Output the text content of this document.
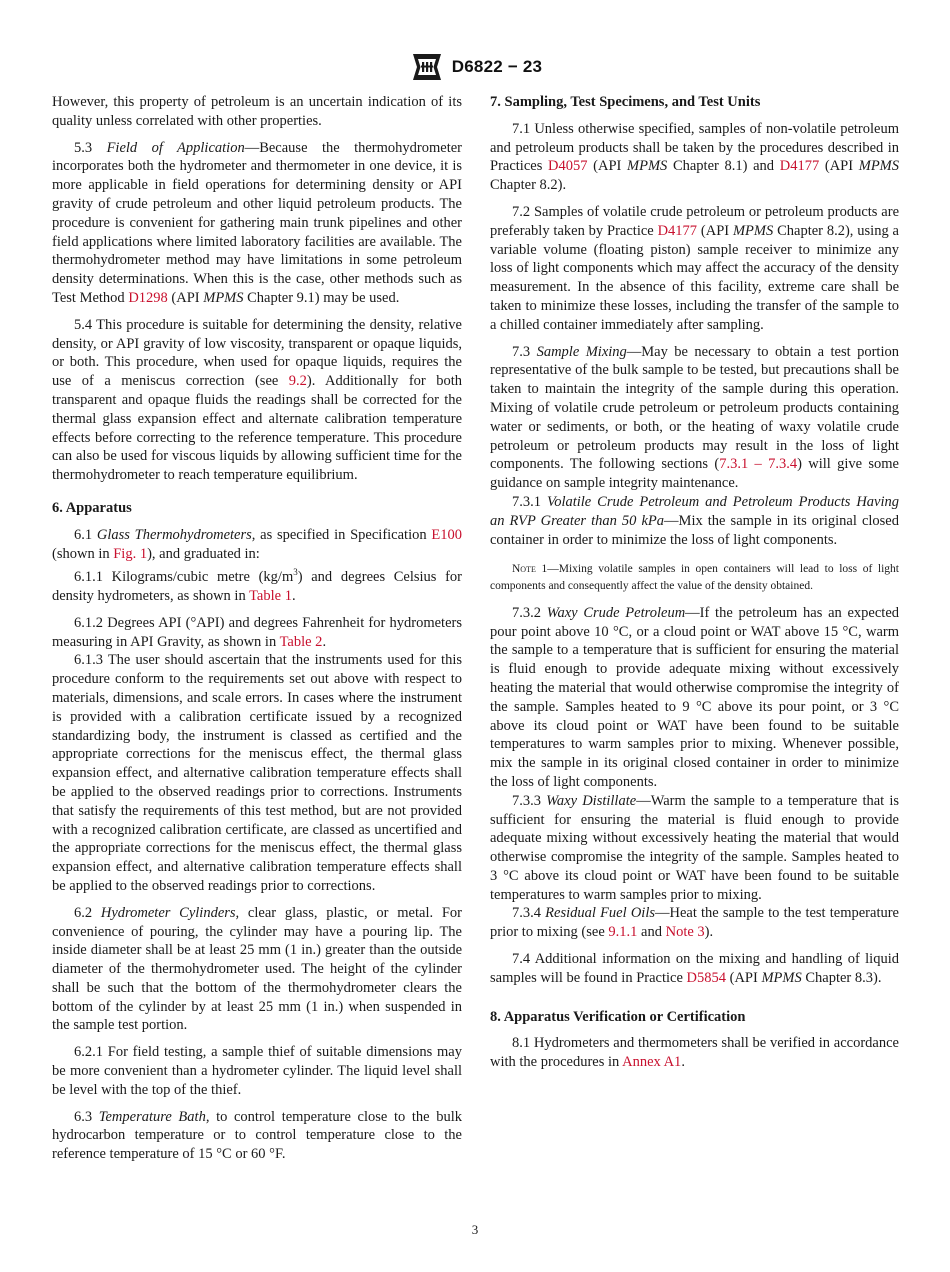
D6822 − 23

However, this property of petroleum is an uncertain indication of its quality unless correlated with other properties.

5.3 Field of Application—Because the thermohydrometer incorporates both the hydrometer and thermometer in one device, it is more applicable in field operations for determining density or API gravity of crude petroleum and other liquid petroleum products. The procedure is convenient for gathering main trunk pipelines and other field applications where limited laboratory facilities are available. The thermohydrometer method may have limitations in some petroleum density determinations. When this is the case, other methods such as Test Method D1298 (API MPMS Chapter 9.1) may be used.

5.4 This procedure is suitable for determining the density, relative density, or API gravity of low viscosity, transparent or opaque liquids, or both. This procedure, when used for opaque liquids, requires the use of a meniscus correction (see 9.2). Additionally for both transparent and opaque fluids the readings shall be corrected for the thermal glass expansion effect and alternate calibration temperature effects before correcting to the reference temperature. This procedure can also be used for viscous liquids by allowing sufficient time for the thermohydrometer to reach temperature equilibrium.

6. Apparatus

6.1 Glass Thermohydrometers, as specified in Specification E100 (shown in Fig. 1), and graduated in:

6.1.1 Kilograms/cubic metre $(kg/m^3)$ and degrees Celsius for density hydrometers, as shown in Table 1.

6.1.2 Degrees API (°API) and degrees Fahrenheit for hydrometers measuring in API Gravity, as shown in Table 2.

6.1.3 The user should ascertain that the instruments used for this procedure conform to the requirements set out above with respect to materials, dimensions, and scale errors. In cases where the instrument is provided with a calibration certificate issued by a recognized standardizing body, the instrument is classed as certified and the appropriate corrections for the meniscus effect, the thermal glass expansion effect, and alternative calibration temperature effects shall be applied to the observed readings prior to corrections. Instruments that satisfy the requirements of this test method, but are not provided with a recognized calibration certificate, are classed as uncertified and the appropriate corrections for the meniscus effect, the thermal glass expansion effect, and alternative calibration temperature effects shall be applied to the observed readings prior to corrections.

6.2 Hydrometer Cylinders, clear glass, plastic, or metal. For convenience of pouring, the cylinder may have a pouring lip. The inside diameter shall be at least 25 mm (1 in.) greater than the outside diameter of the thermohydrometer used. The height of the cylinder shall be such that the bottom of the thermohydrometer clears the bottom of the cylinder by at least 25 mm (1 in.) when suspended in the sample test portion.

6.2.1 For field testing, a sample thief of suitable dimensions may be more convenient than a hydrometer cylinder. The liquid level shall be level with the top of the thief.

6.3 Temperature Bath, to control temperature close to the bulk hydrocarbon temperature or to control temperature close to the reference temperature of 15 °C or 60 °F.

7. Sampling, Test Specimens, and Test Units

7.1 Unless otherwise specified, samples of non-volatile petroleum and petroleum products shall be taken by the procedures described in Practices D4057 (API MPMS Chapter 8.1) and D4177 (API MPMS Chapter 8.2).

7.2 Samples of volatile crude petroleum or petroleum products are preferably taken by Practice D4177 (API MPMS Chapter 8.2), using a variable volume (floating piston) sample receiver to minimize any loss of light components which may affect the accuracy of the density measurement. In the absence of this facility, extreme care shall be taken to minimize these losses, including the transfer of the sample to a chilled container immediately after sampling.

7.3 Sample Mixing—May be necessary to obtain a test portion representative of the bulk sample to be tested, but precautions shall be taken to maintain the integrity of the sample during this operation. Mixing of volatile crude petroleum or petroleum products containing water or sediments, or both, or the heating of waxy volatile crude petroleum or petroleum products may result in the loss of light components. The following sections (7.3.1 – 7.3.4) will give some guidance on sample integrity maintenance.

7.3.1 Volatile Crude Petroleum and Petroleum Products Having an RVP Greater than 50 kPa—Mix the sample in its original closed container in order to minimize the loss of light components.

Note 1—Mixing volatile samples in open containers will lead to loss of light components and consequently affect the value of the density obtained.

7.3.2 Waxy Crude Petroleum—If the petroleum has an expected pour point above 10 °C, or a cloud point or WAT above 15 °C, warm the sample to a temperature that is sufficient for ensuring the material is fluid enough to provide adequate mixing without excessively heating the material that would otherwise compromise the integrity of the sample. Samples heated to 9 °C above its pour point, or 3 °C above its cloud point or WAT have been found to be suitable temperatures to warm samples prior to mixing. Whenever possible, mix the sample in its original closed container in order to minimize the loss of light components.

7.3.3 Waxy Distillate—Warm the sample to a temperature that is sufficient for ensuring the material is fluid enough to provide adequate mixing without excessively heating the material that would otherwise compromise the integrity of the sample. Samples heated to 3 °C above its cloud point or WAT have been found to be suitable temperatures to warm samples prior to mixing.

7.3.4 Residual Fuel Oils—Heat the sample to the test temperature prior to mixing (see 9.1.1 and Note 3).

7.4 Additional information on the mixing and handling of liquid samples will be found in Practice D5854 (API MPMS Chapter 8.3).

8. Apparatus Verification or Certification

8.1 Hydrometers and thermometers shall be verified in accordance with the procedures in Annex A1.

3
